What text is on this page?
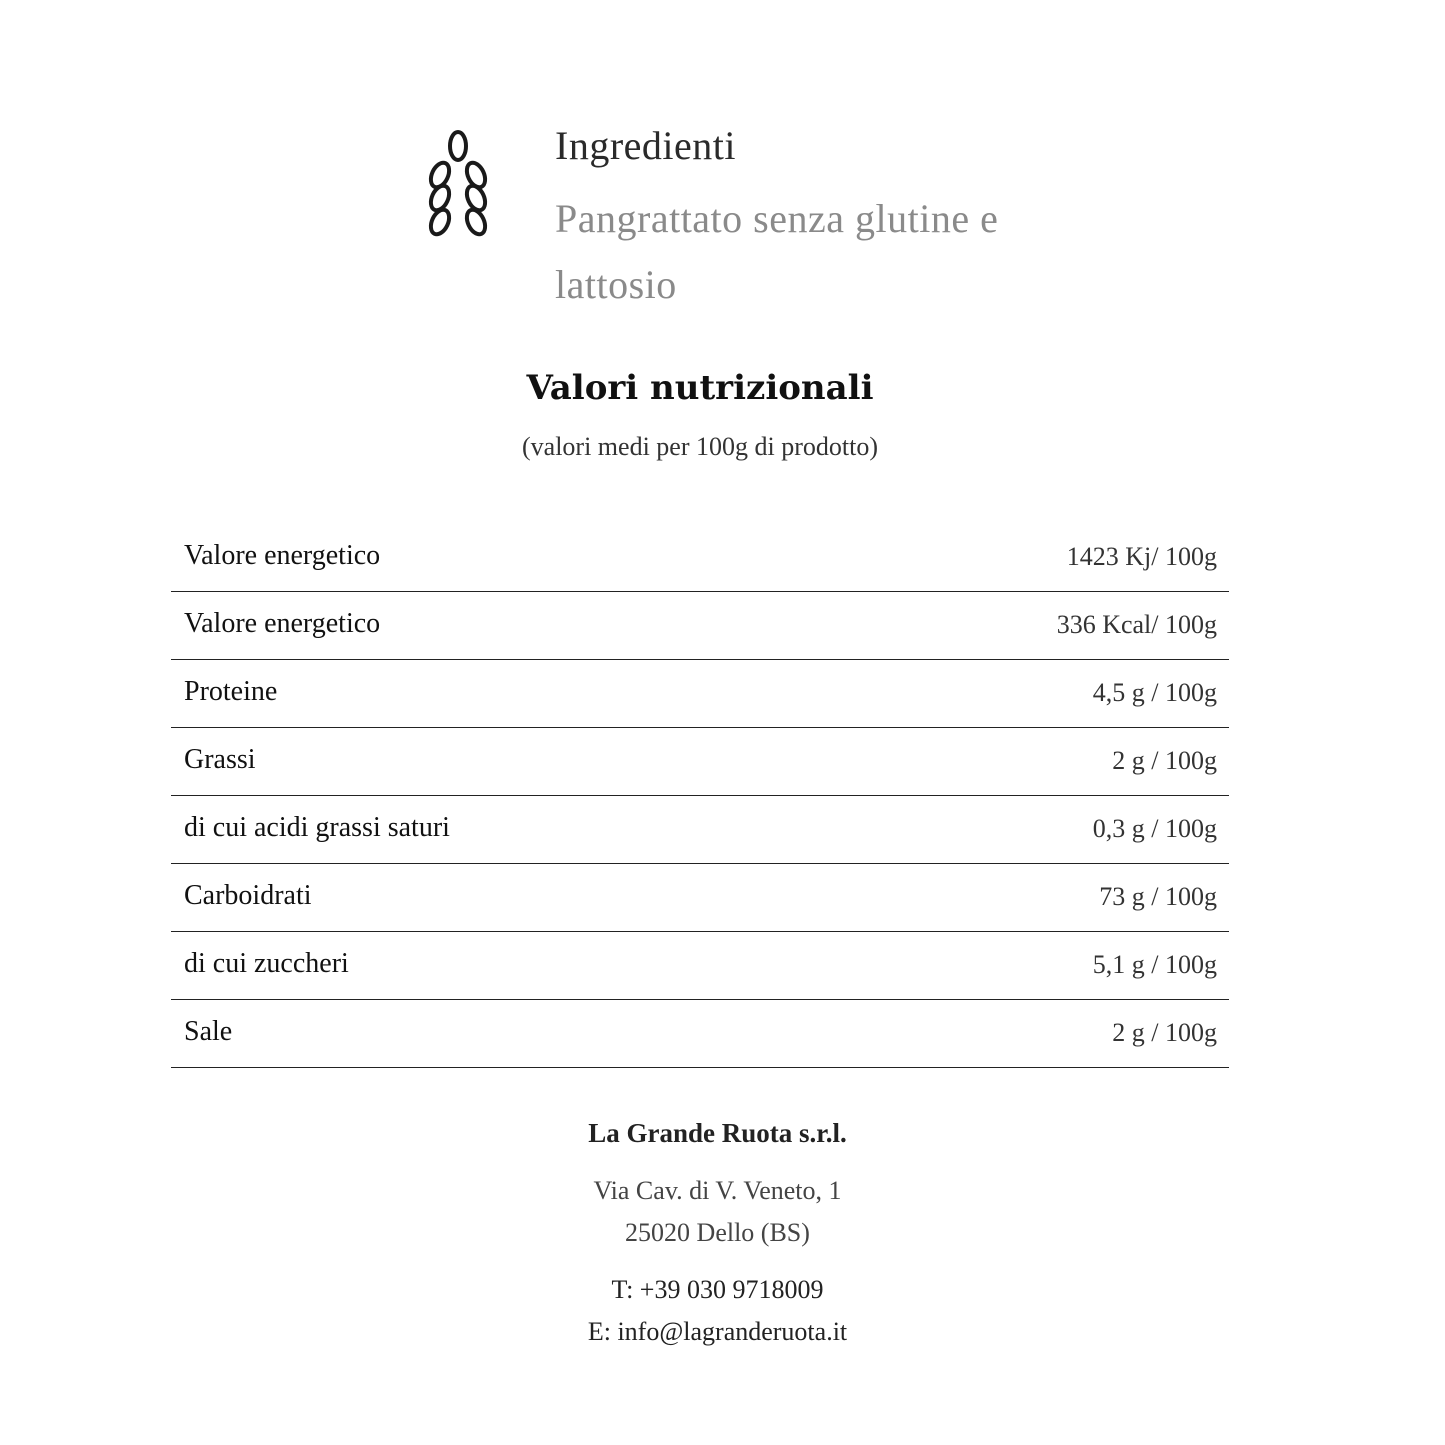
Ingredienti
Pangrattato senza glutine e lattosio
Valori nutrizionali
(valori medi per 100g di prodotto)
Valore energetico	1423 Kj/ 100g
Valore energetico	336 Kcal/ 100g
Proteine	4,5 g / 100g
Grassi	2 g / 100g
di cui acidi grassi saturi	0,3 g / 100g
Carboidrati	73 g / 100g
di cui zuccheri	5,1 g / 100g
Sale	2 g / 100g
La Grande Ruota s.r.l.
Via Cav. di V. Veneto, 1
25020 Dello (BS)
T: +39 030 9718009
E: info@lagranderuota.it
